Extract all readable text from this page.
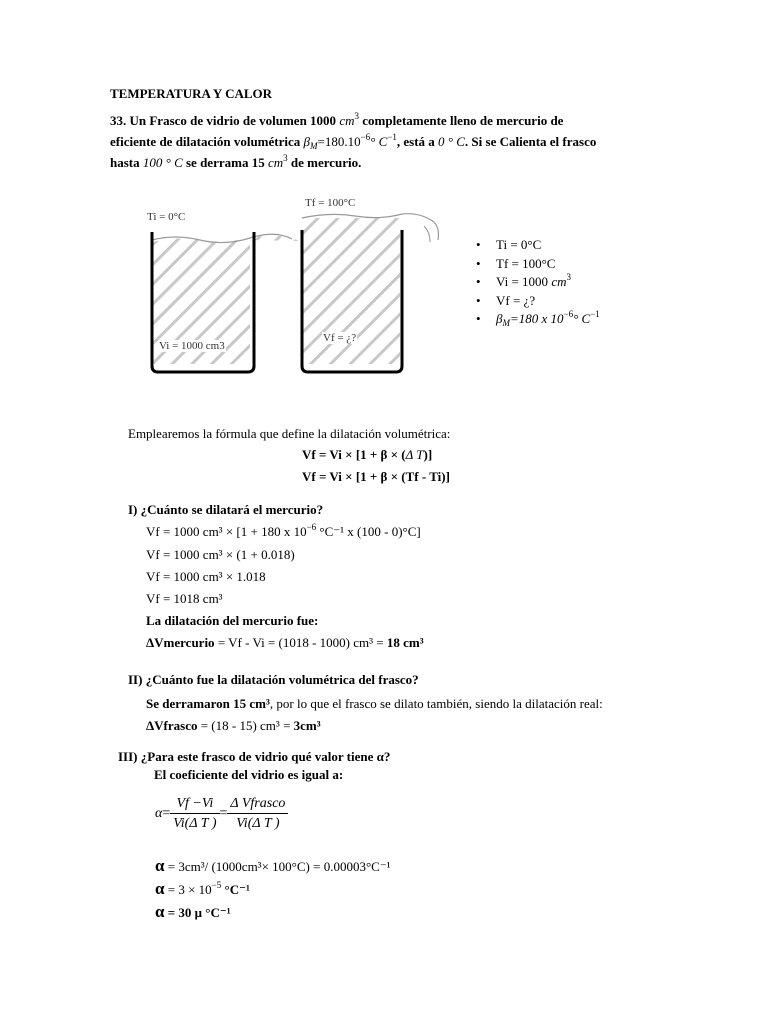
TEMPERATURA Y CALOR
33. Un Frasco de vidrio de volumen 1000 $cm^3$ completamente lleno de mercurio de
eficiente de dilatación volumétrica $\beta_M=180.10^{-6}^\circ$ $C^{-1}$, está a 0 ° C. Si se Calienta el frasco
hasta 100 ° C se derrama 15 $cm^3$ de mercurio.
Ti = 0°C
Tf = 100°C
Vi = 1000 cm3
Vf = ¿?
• Ti = 0°C
• Tf = 100°C
• Vi = 1000 $cm^3$
• Vf = ¿?
• $\beta_M=180$ x $10^{-6}^\circ$ $C^{-1}$
Emplearemos la fórmula que define la dilatación volumétrica:
Vf = Vi × [1 + β × (Δ T)]
Vf = Vi × [1 + β × (Tf - Ti)]
I) ¿Cuánto se dilatará el mercurio?
Vf = 1000 cm³ × [1 + 180 x $10^{-6}$ °C⁻¹ x (100 - 0)°C]
Vf = 1000 cm³ × (1 + 0.018)
Vf = 1000 cm³ × 1.018
Vf = 1018 cm³
La dilatación del mercurio fue:
ΔVmercurio = Vf - Vi = (1018 - 1000) cm³ = 18 cm³
II) ¿Cuánto fue la dilatación volumétrica del frasco?
Se derramaron 15 cm³, por lo que el frasco se dilato también, siendo la dilatación real:
ΔVfrasco = (18 - 15) cm³ = 3cm³
III) ¿Para este frasco de vidrio qué valor tiene α?
El coeficiente del vidrio es igual a:
$\alpha= \frac{Vf -Vi}{\text{Vi(Δ T )}} = \frac{\text{Δ Vfrasco}}{\text{Vi(Δ T )}}$
α = 3cm³/ (1000cm³× 100°C) = 0.00003°C⁻¹
$\alpha = 3 \times 10^{-5}$ °C⁻¹
α = 30 μ °C⁻¹
